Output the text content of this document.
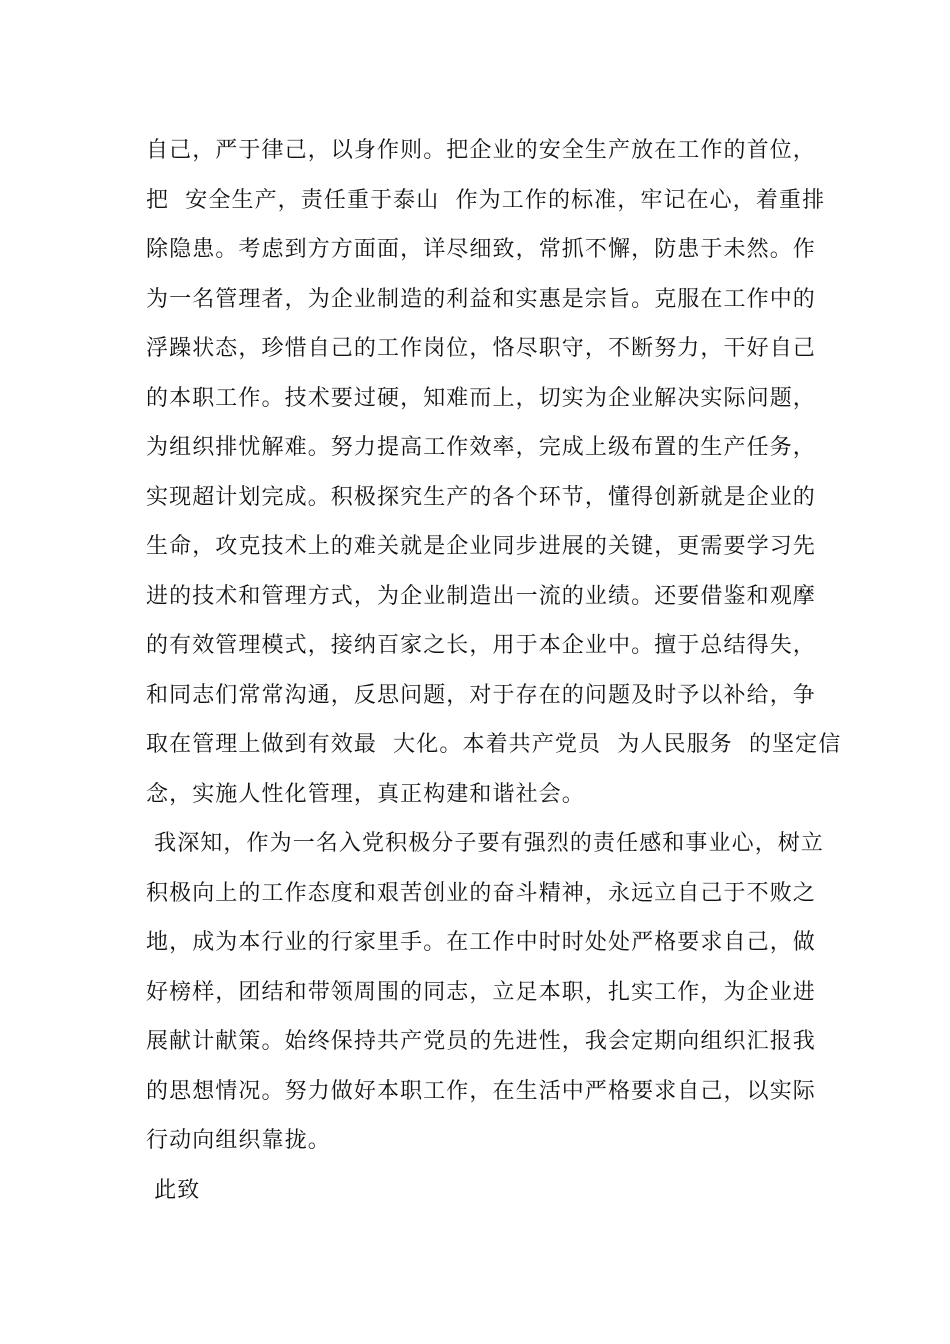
自己，严于律己，以身作则。把企业的安全生产放在工作的首位，
把  安全生产，责任重于泰山  作为工作的标准，牢记在心，着重排
除隐患。考虑到方方面面，详尽细致，常抓不懈，防患于未然。作
为一名管理者，为企业制造的利益和实惠是宗旨。克服在工作中的
浮躁状态，珍惜自己的工作岗位，恪尽职守，不断努力，干好自己
的本职工作。技术要过硬，知难而上，切实为企业解决实际问题，
为组织排忧解难。努力提高工作效率，完成上级布置的生产任务，
实现超计划完成。积极探究生产的各个环节，懂得创新就是企业的
生命，攻克技术上的难关就是企业同步进展的关键，更需要学习先
进的技术和管理方式，为企业制造出一流的业绩。还要借鉴和观摩
的有效管理模式，接纳百家之长，用于本企业中。擅于总结得失，
和同志们常常沟通，反思问题，对于存在的问题及时予以补给，争
取在管理上做到有效最  大化。本着共产党员  为人民服务  的坚定信
念，实施人性化管理，真正构建和谐社会。
我深知，作为一名入党积极分子要有强烈的责任感和事业心，树立
积极向上的工作态度和艰苦创业的奋斗精神，永远立自己于不败之
地，成为本行业的行家里手。在工作中时时处处严格要求自己，做
好榜样，团结和带领周围的同志，立足本职，扎实工作，为企业进
展献计献策。始终保持共产党员的先进性，我会定期向组织汇报我
的思想情况。努力做好本职工作，在生活中严格要求自己，以实际
行动向组织靠拢。
此致
